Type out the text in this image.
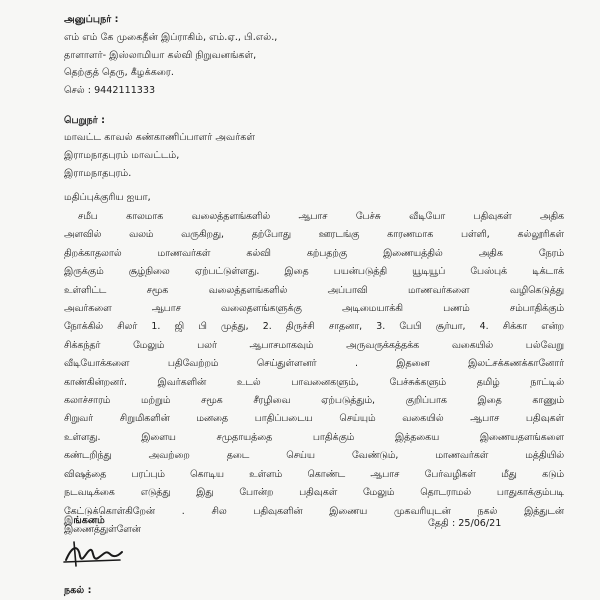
அனுப்புநர் :
எம் எம் கே முகைதீன் இப்ராகிம், எம்.ஏ., பி.எல்.,
தாளாளர்- இஸ்லாமியா கல்வி நிறுவனங்கள்,
தெற்குத் தெரு, கீழக்கரை.
செல் : 9442111333
பெறுநர் :
மாவட்ட காவல் கண்காணிப்பாளர் அவர்கள்
இராமநாதபுரம் மாவட்டம்,
இராமநாதபுரம்.
மதிப்புக்குரிய ஐயா,
சமீப காலமாக வலைத்தளங்களில் ஆபாச பேச்சு வீடியோ பதிவுகள் அதிக
அளவில் வலம் வருகிறது, தற்போது ஊரடங்கு காரணமாக பள்ளி, கல்லூரிகள்
திறக்காதலால் மாணவர்கள் கல்வி கற்பதற்கு இணையத்தில் அதிக நேரம்
இருக்கும் சூழ்நிலை ஏற்பட்டுள்ளது. இதை பயன்படுத்தி யூடியூப் பேஸ்புக் டிக்டாக்
உள்ளிட்ட சமூக வலைத்தளங்களில் அப்பாவி மாணவர்களை வழிகெடுத்து
அவர்களை ஆபாச வலைதளங்களுக்கு அடிமையாக்கி பணம் சம்பாதிக்கும்
நோக்கில் சிலர் 1. ஜி பி முத்து, 2. திருச்சி சாதனா, 3. பேபி சூர்யா, 4. சிக்கா என்ற
சிக்கந்தர் மேலும் பலர் ஆபாசமாகவும் அருவருக்கத்தக்க வகையில் பல்வேறு
வீடியோக்களை பதிவேற்றம் செய்துள்ளனர் . இதனை இலட்சக்கணக்கானோர்
காண்கின்றனர். இவர்களின் உடல் பாவனைகளும், பேச்சுக்களும் தமிழ் நாட்டில்
கலாச்சாரம் மற்றும் சமூக சீரழிவை ஏற்படுத்தும், குறிப்பாக இதை காணும்
சிறுவர் சிறுமிகளின் மனதை பாதிப்படைய செய்யும் வகையில் ஆபாச பதிவுகள்
உள்ளது. இளைய சமுதாயத்தை பாதிக்கும் இத்தகைய இணையதளங்களை
கண்டறிந்து அவற்றை தடை செய்ய வேண்டும், மாணவர்கள் மத்தியில்
விஷத்தை பரப்பும் கொடிய உள்ளம் கொண்ட ஆபாச பேர்வழிகள் மீது கடும்
நடவடிக்கை எடுத்து இது போன்ற பதிவுகள் மேலும் தொடராமல் பாதுகாக்கும்படி
கேட்டுக்கொள்கிறேன் . சில பதிவுகளின் இணைய முகவரியுடன் நகல் இத்துடன்
இணைத்துள்ளேன்
இங்கனம்	தேதி : 25/06/21
நகல் :
